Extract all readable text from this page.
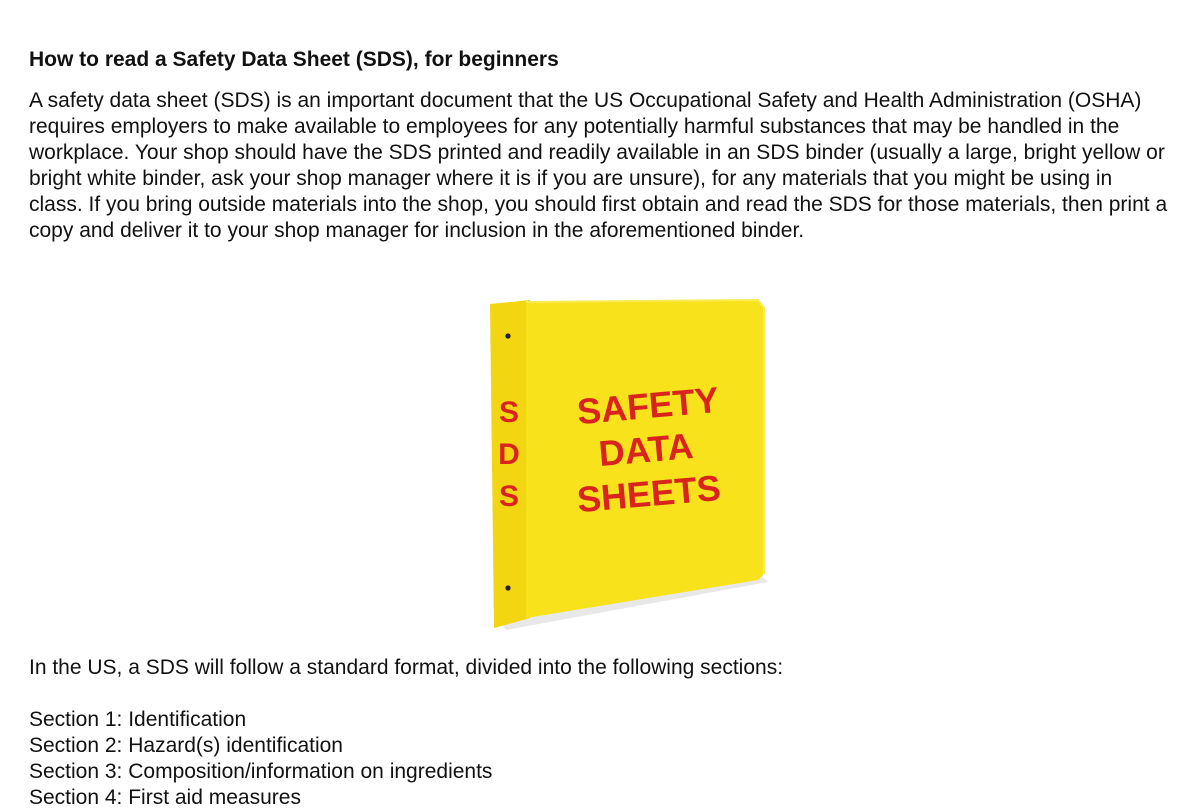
How to read a Safety Data Sheet (SDS), for beginners

A safety data sheet (SDS) is an important document that the US Occupational Safety and Health Administration (OSHA) requires employers to make available to employees for any potentially harmful substances that may be handled in the workplace. Your shop should have the SDS printed and readily available in an SDS binder (usually a large, bright yellow or bright white binder, ask your shop manager where it is if you are unsure), for any materials that you might be using in class. If you bring outside materials into the shop, you should first obtain and read the SDS for those materials, then print a copy and deliver it to your shop manager for inclusion in the aforementioned binder.

S
D
S
SAFETY
DATA
SHEETS

In the US, a SDS will follow a standard format, divided into the following sections:

Section 1: Identification
Section 2: Hazard(s) identification
Section 3: Composition/information on ingredients
Section 4: First aid measures
